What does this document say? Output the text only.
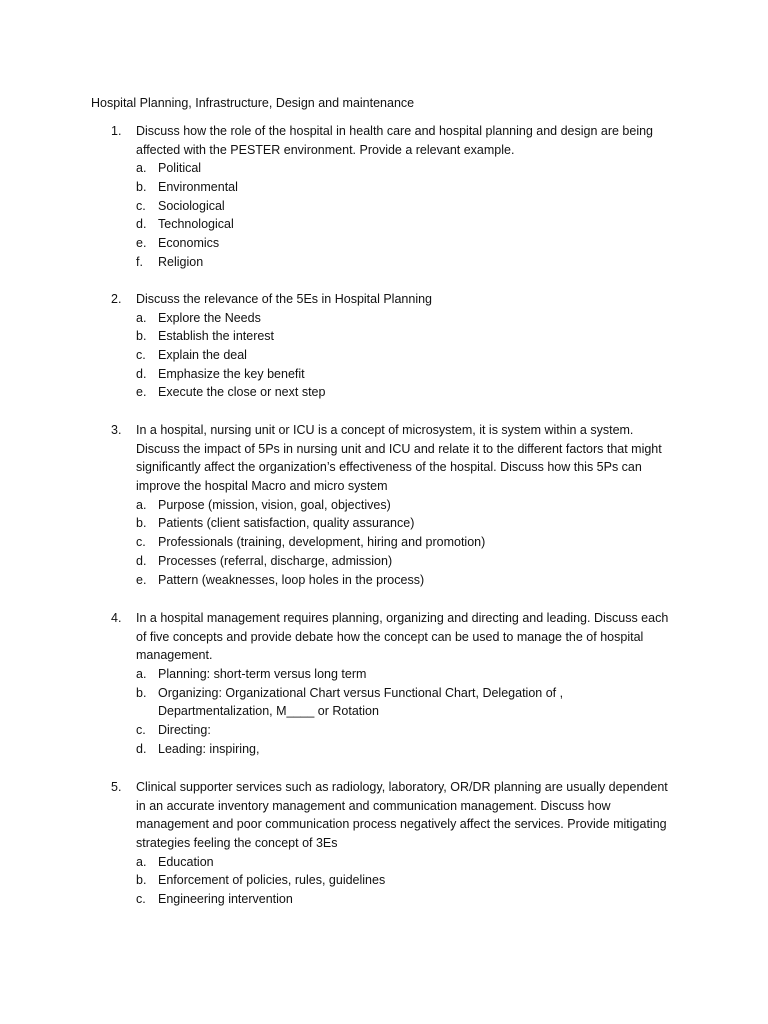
Hospital Planning, Infrastructure, Design and maintenance
1. Discuss how the role of the hospital in health care and hospital planning and design are being
affected with the PESTER environment. Provide a relevant example.
a. Political
b. Environmental
c. Sociological
d. Technological
e. Economics
f. Religion
2. Discuss the relevance of the 5Es in Hospital Planning
a. Explore the Needs
b. Establish the interest
c. Explain the deal
d. Emphasize the key benefit
e. Execute the close or next step
3. In a hospital, nursing unit or ICU is a concept of microsystem, it is system within a system.
Discuss the impact of 5Ps in nursing unit and ICU and relate it to the different factors that might
significantly affect the organization’s effectiveness of the hospital. Discuss how this 5Ps can
improve the hospital Macro and micro system
a. Purpose (mission, vision, goal, objectives)
b. Patients (client satisfaction, quality assurance)
c. Professionals (training, development, hiring and promotion)
d. Processes (referral, discharge, admission)
e. Pattern (weaknesses, loop holes in the process)
4. In a hospital management requires planning, organizing and directing and leading. Discuss each
of five concepts and provide debate how the concept can be used to manage the of hospital
management.
a. Planning: short-term versus long term
b. Organizing: Organizational Chart versus Functional Chart, Delegation of ,
Departmentalization, M____ or Rotation
c. Directing:
d. Leading: inspiring,
5. Clinical supporter services such as radiology, laboratory, OR/DR planning are usually dependent
in an accurate inventory management and communication management. Discuss how
management and poor communication process negatively affect the services. Provide mitigating
strategies feeling the concept of 3Es
a. Education
b. Enforcement of policies, rules, guidelines
c. Engineering intervention
